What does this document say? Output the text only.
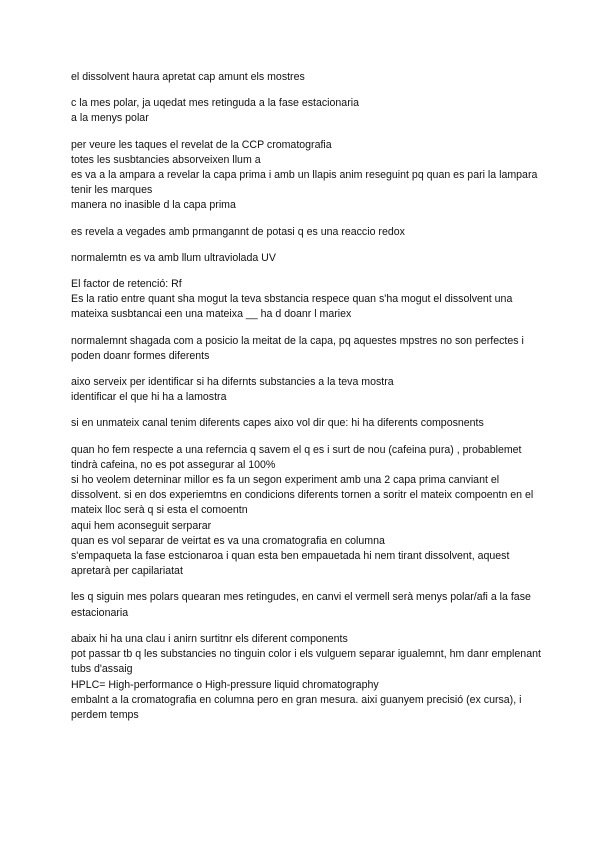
el dissolvent haura apretat cap amunt els mostres
c la mes polar, ja uqedat mes retinguda a la fase estacionaria
a la menys polar
per veure les taques el revelat de la CCP cromatografia
totes les susbtancies absorveixen llum a
es va a la ampara a revelar la capa prima i amb un llapis anim reseguint pq quan es pari la lampara tenir les marques
manera no inasible d la capa prima
es revela a vegades amb prmangannt de potasi q es una reaccio redox
normalemtn es va amb llum ultraviolada UV
El factor de retenció: Rf
Es la ratio entre quant sha mogut la teva sbstancia respece quan s'ha mogut el dissolvent una mateixa susbtancai een una mateixa __ ha d doanr l mariex
normalemnt shagada com a posicio la meitat de la capa, pq aquestes mpstres no son perfectes i poden doanr formes diferents
aixo serveix per identificar si ha difernts substancies a la teva mostra
identificar el que hi ha a lamostra
si en unmateix canal tenim diferents capes aixo vol dir que: hi ha diferents composnents
quan ho fem respecte a una referncia q savem el q es i surt de nou (cafeina pura) , probablemet tindrà cafeina, no es pot assegurar al 100%
si ho veolem deterninar millor es fa un segon experiment amb una 2 capa prima canviant el dissolvent. si en dos experiemtns en condicions diferents tornen a soritr el mateix compoentn en el mateix lloc serà q si esta el comoentn
aqui hem aconseguit serparar
quan es vol separar de veirtat es va una cromatografia en columna
s'empaqueta la fase estcionaroa i quan esta ben empauetada hi nem tirant dissolvent, aquest apretarà per capilariatat
les q siguin mes polars quearan mes retingudes, en canvi el vermell serà menys polar/afi a la fase estacionaria
abaix hi ha una clau i anirn surtitnr els diferent components
pot passar tb q les substancies no tinguin color i els vulguem separar igualemnt, hm danr emplenant tubs d'assaig
HPLC= High-performance o High-pressure liquid chromatography
embalnt a la cromatografia en columna pero en gran mesura. aixi guanyem precisió (ex cursa), i perdem temps
